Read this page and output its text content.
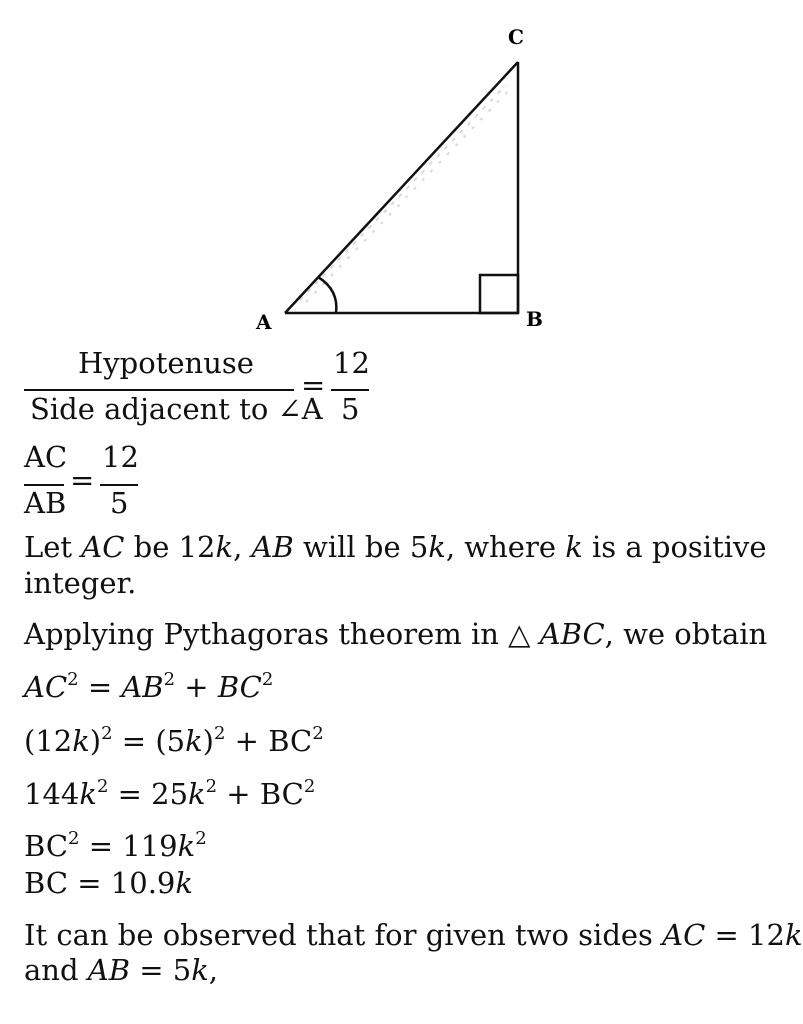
A	B
C
Hypotenuse
Side adjacent to ∠A
=
12
5
AC
AB
=
12
5
Let AC be 12k, AB will be 5k, where k is a positive
integer.
Applying Pythagoras theorem in △ ABC, we obtain
$AC^2 = AB^2 + BC^2$
$(12k)^2 = (5k)^2 + BC^2$
$144k^2 = 25k^2 + BC^2$
$BC^2 = 119k^2$
BC = 10.9k
It can be observed that for given two sides AC = 12k
and AB = 5k,
